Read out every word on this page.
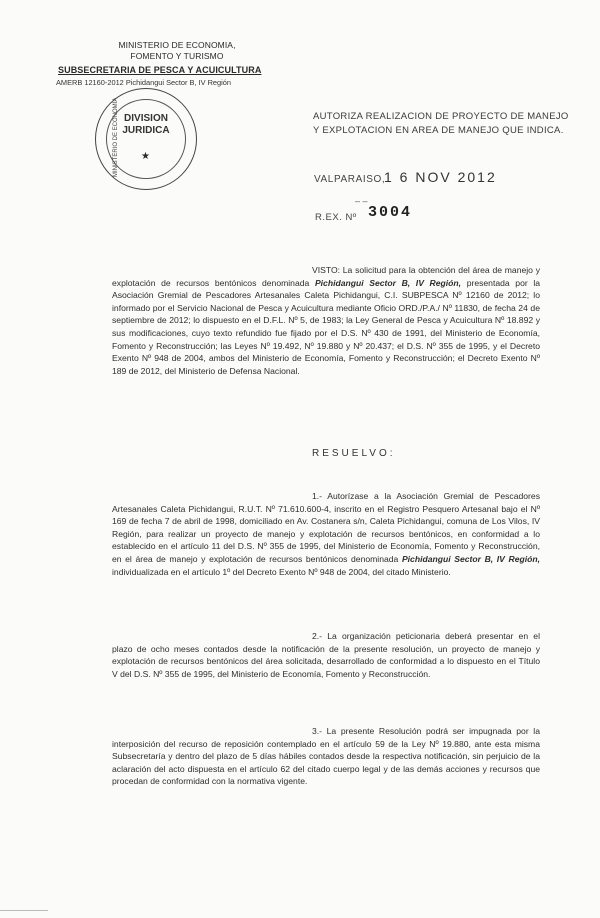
MINISTERIO DE ECONOMIA,
FOMENTO Y TURISMO
SUBSECRETARIA DE PESCA Y ACUICULTURA
AMERB 12160-2012 Pichidangui Sector B, IV Región
DIVISION
JURIDICA
★
MINISTERIO DE ECONOMIA	AUTORIZA REALIZACION DE PROYECTO DE MANEJO
Y EXPLOTACION EN AREA DE MANEJO QUE INDICA.
VALPARAISO,
1 6 NOV 2012
– –
R.EX. Nº 3004
VISTO: La solicitud para la obtención del área de manejo y explotación de recursos bentónicos denominada Pichidangui Sector B, IV Región, presentada por la Asociación Gremial de Pescadores Artesanales Caleta Pichidangui, C.I. SUBPESCA Nº 12160 de 2012; lo informado por el Servicio Nacional de Pesca y Acuicultura mediante Oficio ORD./P.A./ Nº 11830, de fecha 24 de septiembre de 2012; lo dispuesto en el D.F.L. Nº 5, de 1983; la Ley General de Pesca y Acuicultura Nº 18.892 y sus modificaciones, cuyo texto refundido fue fijado por el D.S. Nº 430 de 1991, del Ministerio de Economía, Fomento y Reconstrucción; las Leyes Nº 19.492, Nº 19.880 y Nº 20.437; el D.S. Nº 355 de 1995, y el Decreto Exento Nº 948 de 2004, ambos del Ministerio de Economía, Fomento y Reconstrucción; el Decreto Exento Nº 189 de 2012, del Ministerio de Defensa Nacional.
RESUELVO:
1.- Autorízase a la Asociación Gremial de Pescadores Artesanales Caleta Pichidangui, R.U.T. Nº 71.610.600-4, inscrito en el Registro Pesquero Artesanal bajo el Nº 169 de fecha 7 de abril de 1998, domiciliado en Av. Costanera s/n, Caleta Pichidangui, comuna de Los Vilos, IV Región, para realizar un proyecto de manejo y explotación de recursos bentónicos, en conformidad a lo establecido en el artículo 11 del D.S. Nº 355 de 1995, del Ministerio de Economía, Fomento y Reconstrucción, en el área de manejo y explotación de recursos bentónicos denominada Pichidangui Sector B, IV Región, individualizada en el artículo 1º del Decreto Exento Nº 948 de 2004, del citado Ministerio.
2.- La organización peticionaria deberá presentar en el plazo de ocho meses contados desde la notificación de la presente resolución, un proyecto de manejo y explotación de recursos bentónicos del área solicitada, desarrollado de conformidad a lo dispuesto en el Título V del D.S. Nº 355 de 1995, del Ministerio de Economía, Fomento y Reconstrucción.
3.- La presente Resolución podrá ser impugnada por la interposición del recurso de reposición contemplado en el artículo 59 de la Ley Nº 19.880, ante esta misma Subsecretaría y dentro del plazo de 5 días hábiles contados desde la respectiva notificación, sin perjuicio de la aclaración del acto dispuesta en el artículo 62 del citado cuerpo legal y de las demás acciones y recursos que procedan de conformidad con la normativa vigente.
